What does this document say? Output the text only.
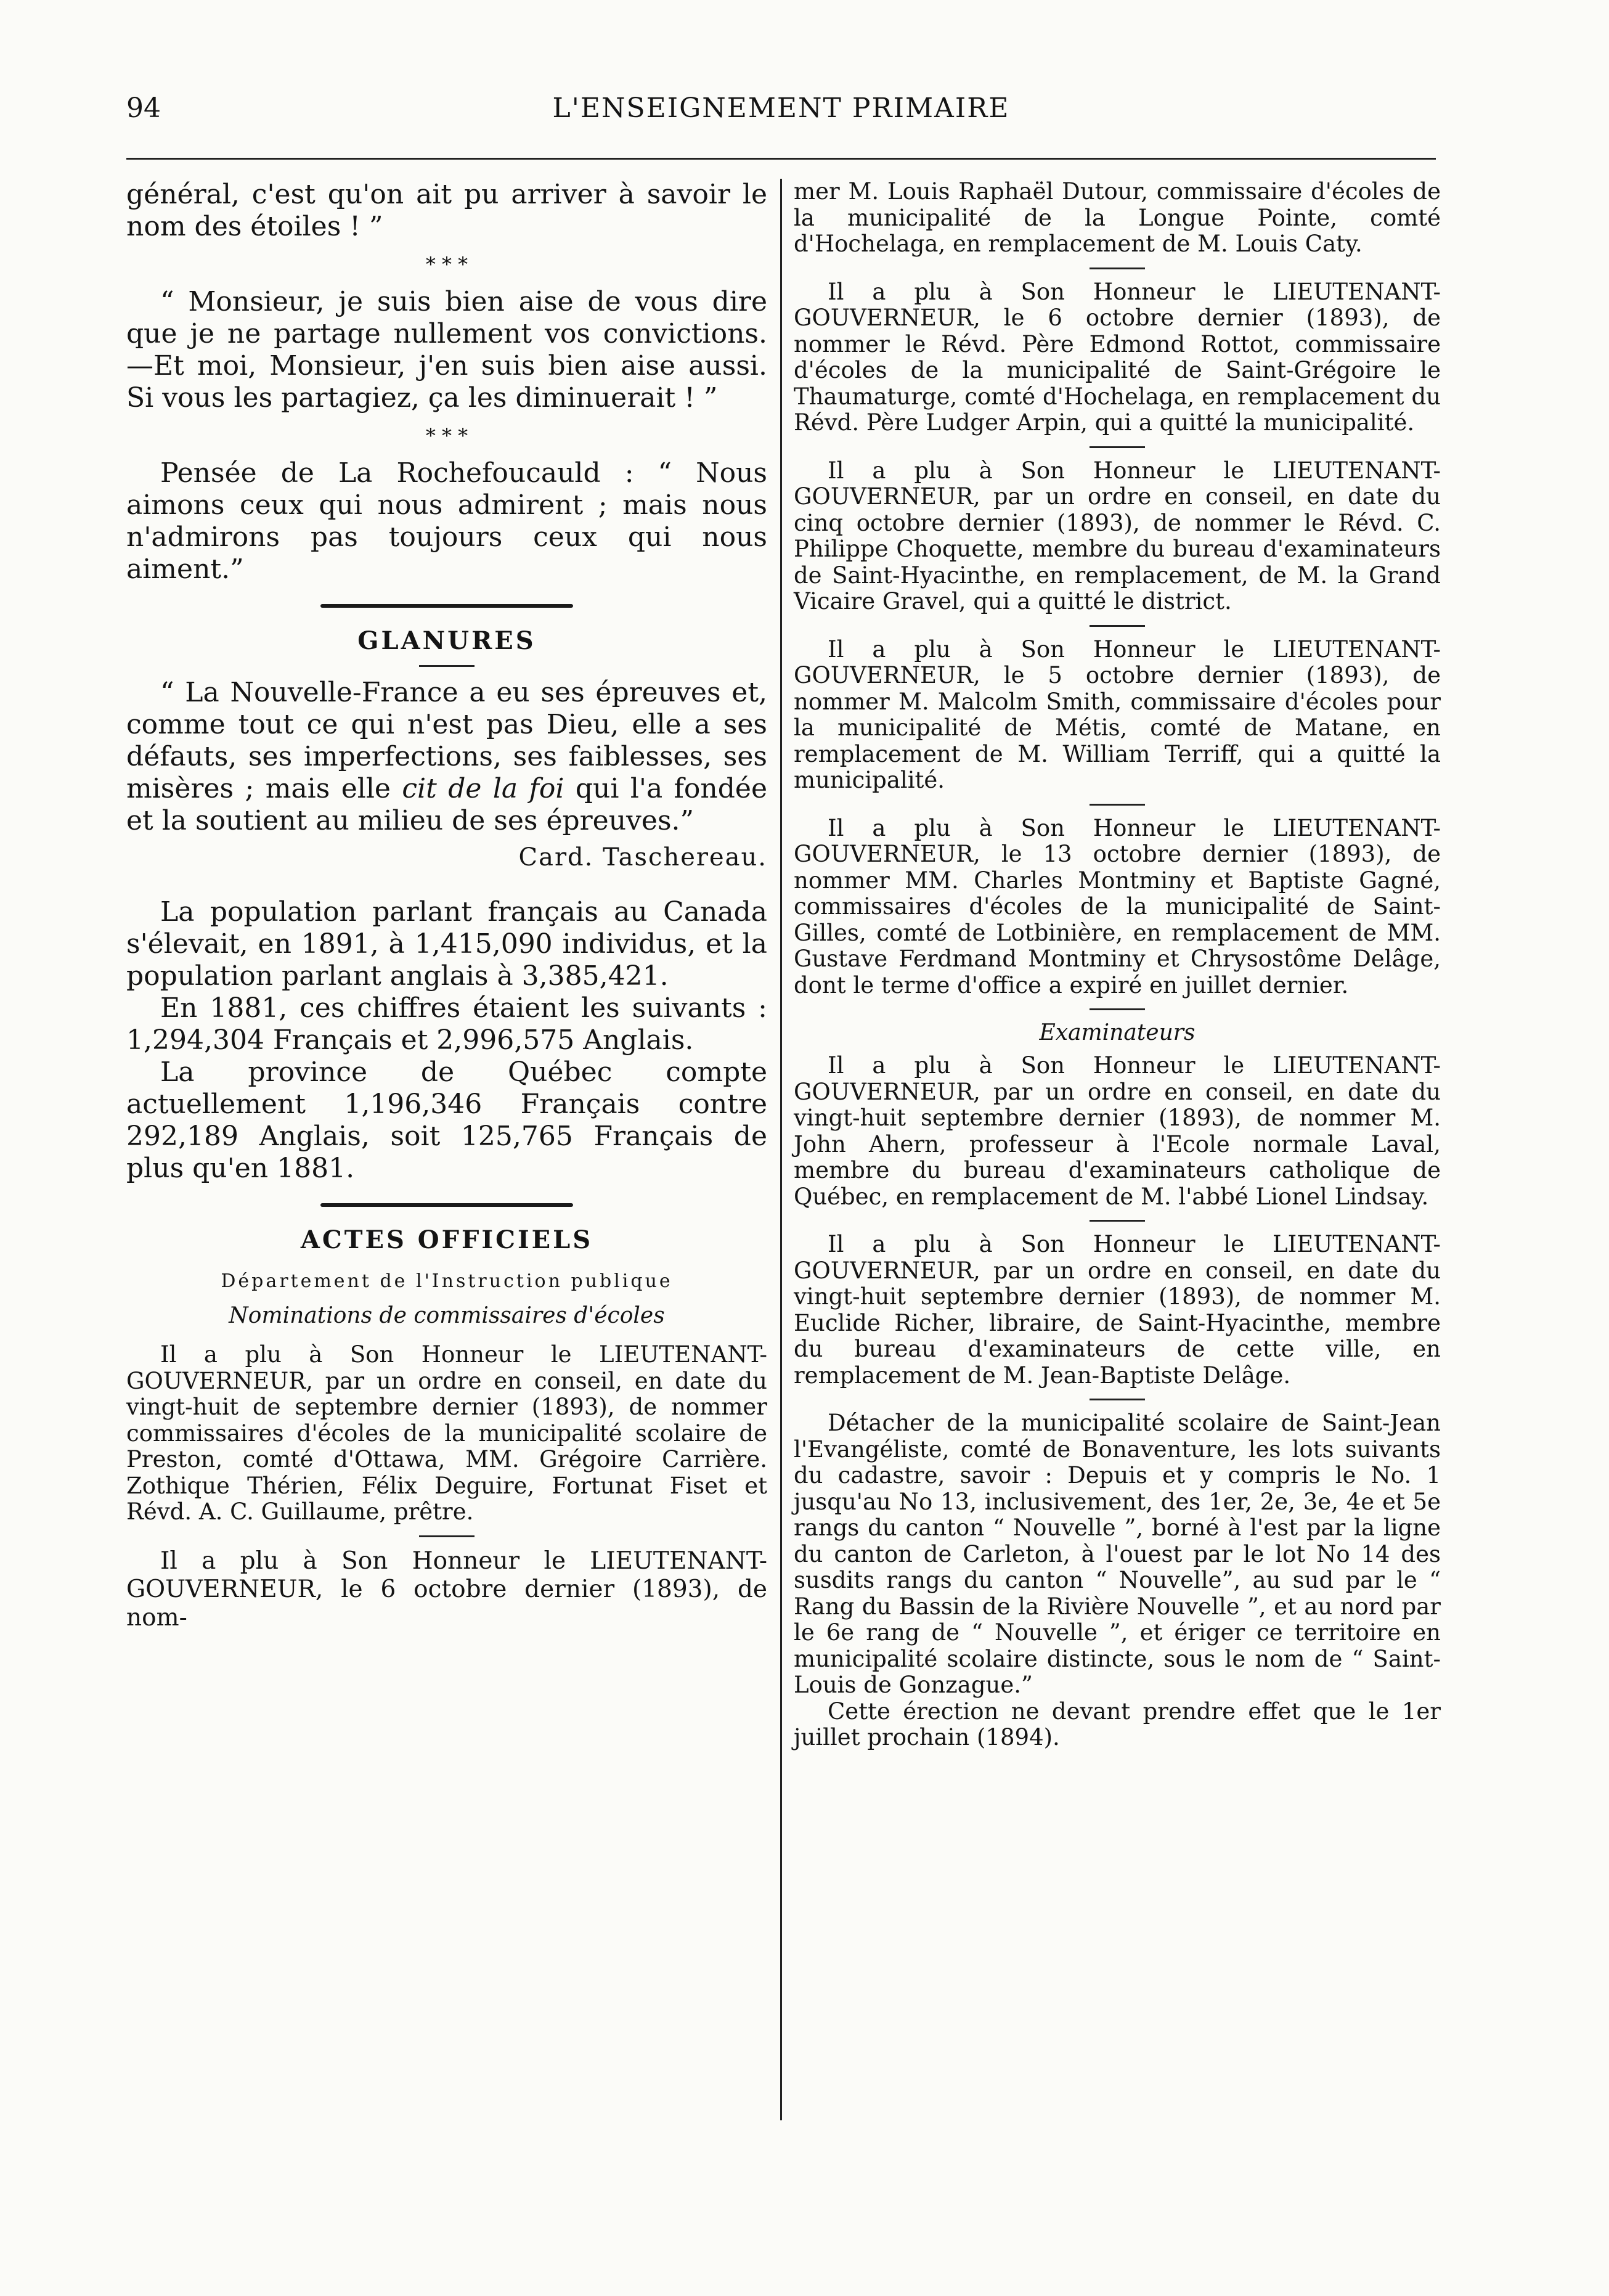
94	L'ENSEIGNEMENT PRIMAIRE

général, c'est qu'on ait pu arriver à savoir le nom des étoiles ! ”

* * *

“ Monsieur, je suis bien aise de vous dire que je ne partage nullement vos convictions. —Et moi, Monsieur, j'en suis bien aise aussi. Si vous les partagiez, ça les diminuerait ! ”

* * *

Pensée de La Rochefoucauld : “ Nous aimons ceux qui nous admirent ; mais nous n'admirons pas toujours ceux qui nous aiment.”

GLANURES

“ La Nouvelle-France a eu ses épreuves et, comme tout ce qui n'est pas Dieu, elle a ses défauts, ses imperfections, ses faiblesses, ses misères ; mais elle cit de la foi qui l'a fondée et la soutient au milieu de ses épreuves.”

Card. Taschereau.

La population parlant français au Canada s'élevait, en 1891, à 1,415,090 individus, et la population parlant anglais à 3,385,421.

En 1881, ces chiffres étaient les suivants : 1,294,304 Français et 2,996,575 Anglais.

La province de Québec compte actuellement 1,196,346 Français contre 292,189 Anglais, soit 125,765 Français de plus qu'en 1881.

ACTES OFFICIELS
Département de l'Instruction publique
Nominations de commissaires d'écoles

Il a plu à Son Honneur le LIEUTENANT-GOUVERNEUR, par un ordre en conseil, en date du vingt-huit de septembre dernier (1893), de nommer commissaires d'écoles de la municipalité scolaire de Preston, comté d'Ottawa, MM. Grégoire Carrière. Zothique Thérien, Félix Deguire, Fortunat Fiset et Révd. A. C. Guillaume, prêtre.

Il a plu à Son Honneur le LIEUTENANT-GOUVERNEUR, le 6 octobre dernier (1893), de nom-

mer M. Louis Raphaël Dutour, commissaire d'écoles de la municipalité de la Longue Pointe, comté d'Hochelaga, en remplacement de M. Louis Caty.

Il a plu à Son Honneur le LIEUTENANT-GOUVERNEUR, le 6 octobre dernier (1893), de nommer le Révd. Père Edmond Rottot, commissaire d'écoles de la municipalité de Saint-Grégoire le Thaumaturge, comté d'Hochelaga, en remplacement du Révd. Père Ludger Arpin, qui a quitté la municipalité.

Il a plu à Son Honneur le LIEUTENANT-GOUVERNEUR, par un ordre en conseil, en date du cinq octobre dernier (1893), de nommer le Révd. C. Philippe Choquette, membre du bureau d'examinateurs de Saint-Hyacinthe, en remplacement, de M. la Grand Vicaire Gravel, qui a quitté le district.

Il a plu à Son Honneur le LIEUTENANT-GOUVERNEUR, le 5 octobre dernier (1893), de nommer M. Malcolm Smith, commissaire d'écoles pour la municipalité de Métis, comté de Matane, en remplacement de M. William Terriff, qui a quitté la municipalité.

Il a plu à Son Honneur le LIEUTENANT-GOUVERNEUR, le 13 octobre dernier (1893), de nommer MM. Charles Montminy et Baptiste Gagné, commissaires d'écoles de la municipalité de Saint-Gilles, comté de Lotbinière, en remplacement de MM. Gustave Ferdmand Montminy et Chrysostôme Delâge, dont le terme d'office a expiré en juillet dernier.

Examinateurs

Il a plu à Son Honneur le LIEUTENANT-GOUVERNEUR, par un ordre en conseil, en date du vingt-huit septembre dernier (1893), de nommer M. John Ahern, professeur à l'Ecole normale Laval, membre du bureau d'examinateurs catholique de Québec, en remplacement de M. l'abbé Lionel Lindsay.

Il a plu à Son Honneur le LIEUTENANT-GOUVERNEUR, par un ordre en conseil, en date du vingt-huit septembre dernier (1893), de nommer M. Euclide Richer, libraire, de Saint-Hyacinthe, membre du bureau d'examinateurs de cette ville, en remplacement de M. Jean-Baptiste Delâge.

Détacher de la municipalité scolaire de Saint-Jean l'Evangéliste, comté de Bonaventure, les lots suivants du cadastre, savoir : Depuis et y compris le No. 1 jusqu'au No 13, inclusivement, des 1er, 2e, 3e, 4e et 5e rangs du canton “ Nouvelle ”, borné à l'est par la ligne du canton de Carleton, à l'ouest par le lot No 14 des susdits rangs du canton “ Nouvelle”, au sud par le “ Rang du Bassin de la Rivière Nouvelle ”, et au nord par le 6e rang de “ Nouvelle ”, et ériger ce territoire en municipalité scolaire distincte, sous le nom de “ Saint-Louis de Gonzague.”

Cette érection ne devant prendre effet que le 1er juillet prochain (1894).
